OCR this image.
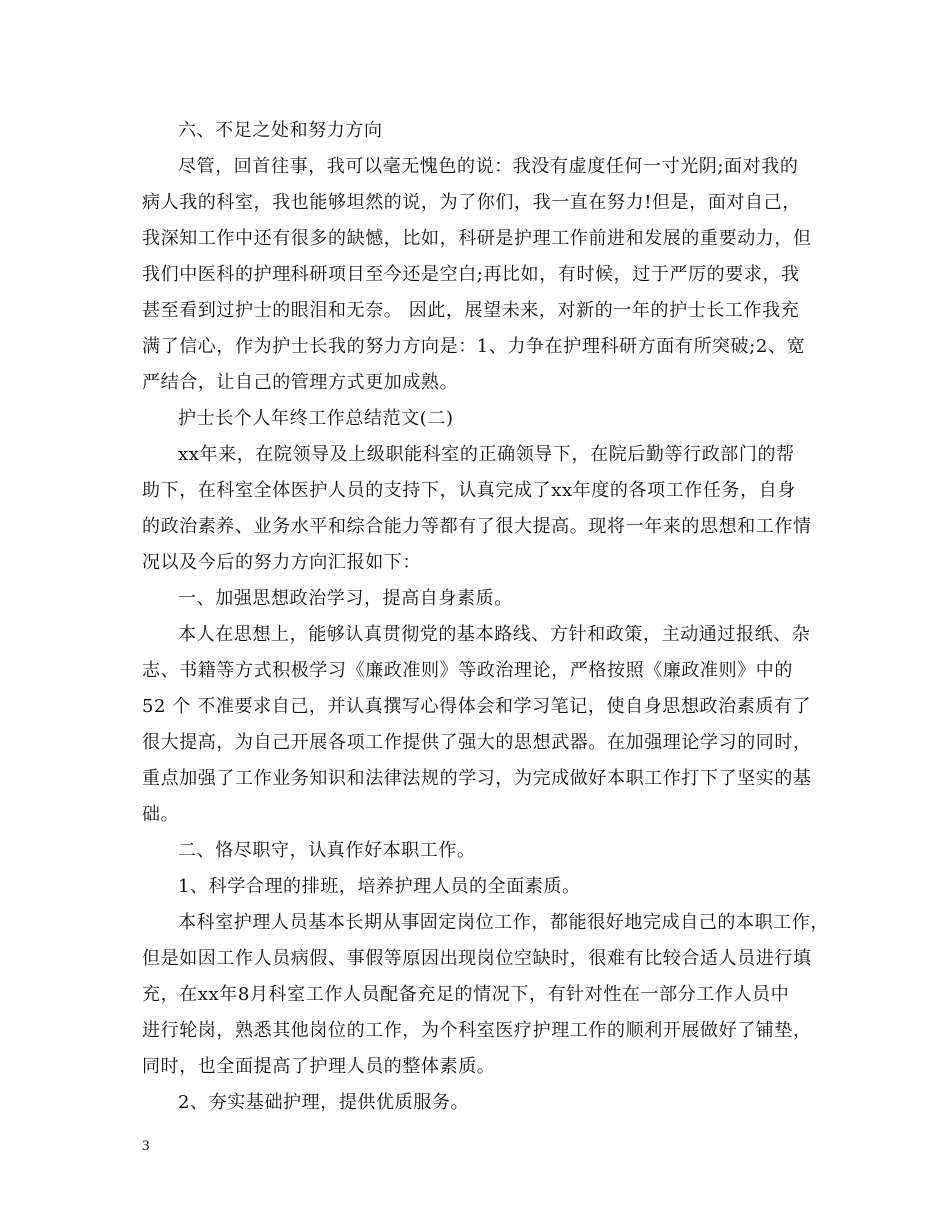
六、不足之处和努力方向
尽管，回首往事，我可以毫无愧色的说：我没有虚度任何一寸光阴;面对我的
病人我的科室，我也能够坦然的说，为了你们，我一直在努力!但是，面对自己，
我深知工作中还有很多的缺憾，比如，科研是护理工作前进和发展的重要动力，但
我们中医科的护理科研项目至今还是空白;再比如，有时候，过于严厉的要求，我
甚至看到过护士的眼泪和无奈。 因此，展望未来，对新的一年的护士长工作我充
满了信心，作为护士长我的努力方向是：1、力争在护理科研方面有所突破;2、宽
严结合，让自己的管理方式更加成熟。
护士长个人年终工作总结范文(二)
xx年来，在院领导及上级职能科室的正确领导下，在院后勤等行政部门的帮
助下，在科室全体医护人员的支持下，认真完成了xx年度的各项工作任务，自身
的政治素养、业务水平和综合能力等都有了很大提高。现将一年来的思想和工作情
况以及今后的努力方向汇报如下：
一、加强思想政治学习，提高自身素质。
本人在思想上，能够认真贯彻党的基本路线、方针和政策，主动通过报纸、杂
志、书籍等方式积极学习《廉政准则》等政治理论，严格按照《廉政准则》中的
52 个 不准要求自己，并认真撰写心得体会和学习笔记，使自身思想政治素质有了
很大提高，为自己开展各项工作提供了强大的思想武器。在加强理论学习的同时，
重点加强了工作业务知识和法律法规的学习，为完成做好本职工作打下了坚实的基
础。
二、恪尽职守，认真作好本职工作。
1、科学合理的排班，培养护理人员的全面素质。
本科室护理人员基本长期从事固定岗位工作，都能很好地完成自己的本职工作，
但是如因工作人员病假、事假等原因出现岗位空缺时，很难有比较合适人员进行填
充，在xx年8月科室工作人员配备充足的情况下，有针对性在一部分工作人员中
进行轮岗，熟悉其他岗位的工作，为个科室医疗护理工作的顺利开展做好了铺垫，
同时，也全面提高了护理人员的整体素质。
2、夯实基础护理，提供优质服务。
3
